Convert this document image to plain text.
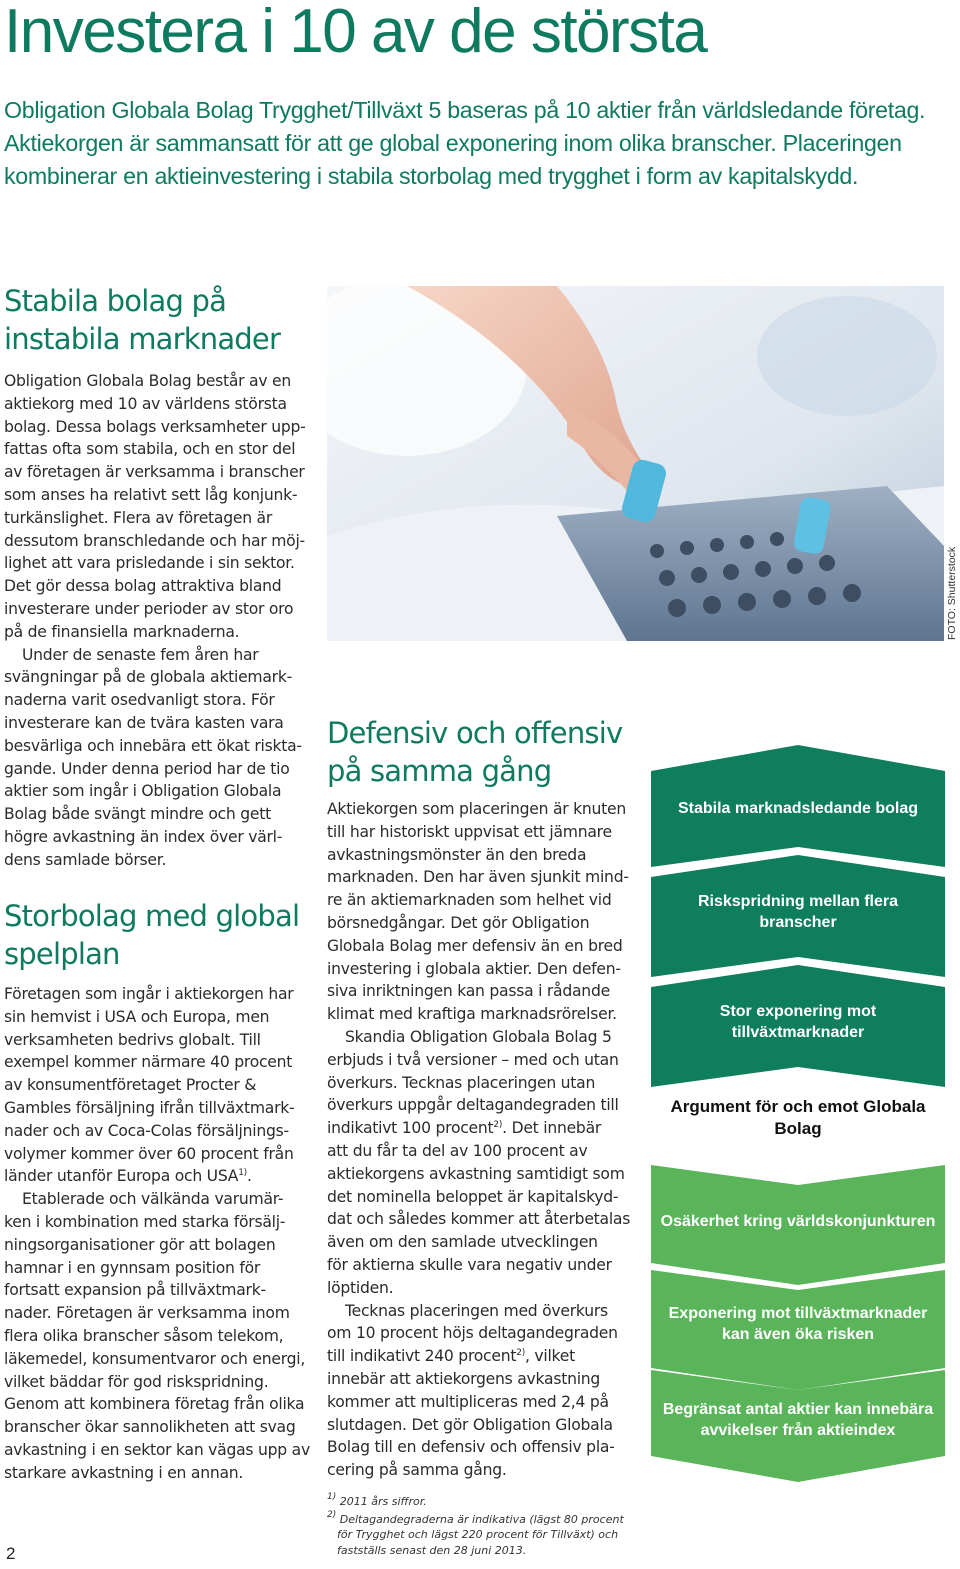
Investera i 10 av de största
Obligation Globala Bolag Trygghet/Tillväxt 5 baseras på 10 aktier från världsledande företag.
Aktiekorgen är sammansatt för att ge global exponering inom olika branscher. Placeringen
kombinerar en aktieinvestering i stabila storbolag med trygghet i form av kapitalskydd.
Stabila bolag på
instabila marknader
Obligation Globala Bolag består av en
aktiekorg med 10 av världens största
bolag. Dessa bolags verksamheter upp-
fattas ofta som stabila, och en stor del
av företagen är verksamma i branscher
som anses ha relativt sett låg konjunk-
turkänslighet. Flera av företagen är
dessutom branschledande och har möj-
lighet att vara prisledande i sin sektor.
Det gör dessa bolag attraktiva bland
investerare under perioder av stor oro
på de finansiella marknaderna.
Under de senaste fem åren har
svängningar på de globala aktiemark-
naderna varit osedvanligt stora. För
investerare kan de tvära kasten vara
besvärliga och innebära ett ökat riskta-
gande. Under denna period har de tio
aktier som ingår i Obligation Globala
Bolag både svängt mindre och gett
högre avkastning än index över värl-
dens samlade börser.
Storbolag med global
spelplan
Företagen som ingår i aktiekorgen har
sin hemvist i USA och Europa, men
verksamheten bedrivs globalt. Till
exempel kommer närmare 40 procent
av konsumentföretaget Procter &
Gambles försäljning ifrån tillväxtmark-
nader och av Coca-Colas försäljnings-
volymer kommer över 60 procent från
länder utanför Europa och USA$^{1)}$.
Etablerade och välkända varumär-
ken i kombination med starka försälj-
ningsorganisationer gör att bolagen
hamnar i en gynnsam position för
fortsatt expansion på tillväxtmark-
nader. Företagen är verksamma inom
flera olika branscher såsom telekom,
läkemedel, konsumentvaror och energi,
vilket bäddar för god riskspridning.
Genom att kombinera företag från olika
branscher ökar sannolikheten att svag
avkastning i en sektor kan vägas upp av
starkare avkastning i en annan.
FOTO: Shutterstock
Defensiv och offensiv
på samma gång
Aktiekorgen som placeringen är knuten
till har historiskt uppvisat ett jämnare
avkastningsmönster än den breda
marknaden. Den har även sjunkit mind-
re än aktiemarknaden som helhet vid
börsnedgångar. Det gör Obligation
Globala Bolag mer defensiv än en bred
investering i globala aktier. Den defen-
siva inriktningen kan passa i rådande
klimat med kraftiga marknadsrörelser.
Skandia Obligation Globala Bolag 5
erbjuds i två versioner – med och utan
överkurs. Tecknas placeringen utan
överkurs uppgår deltagandegraden till
indikativt 100 procent$^{2)}$. Det innebär
att du får ta del av 100 procent av
aktiekorgens avkastning samtidigt som
det nominella beloppet är kapitalskyd-
dat och således kommer att återbetalas
även om den samlade utvecklingen
för aktierna skulle vara negativ under
löptiden.
Tecknas placeringen med överkurs
om 10 procent höjs deltagandegraden
till indikativt 240 procent$^{2)}$, vilket
innebär att aktiekorgens avkastning
kommer att multipliceras med 2,4 på
slutdagen. Det gör Obligation Globala
Bolag till en defensiv och offensiv pla-
cering på samma gång.
Stabila marknadsledande bolag
Riskspridning mellan flera branscher
Stor exponering mot tillväxtmarknader
Argument för och emot Globala Bolag
Osäkerhet kring världskonjunkturen
Exponering mot tillväxtmarknader kan även öka risken
Begränsat antal aktier kan innebära avvikelser från aktieindex
$^{1)}$ 2011 års siffror.
$^{2)}$ Deltagandegraderna är indikativa (lägst 80 procent
för Trygghet och lägst 220 procent för Tillväxt) och
fastställs senast den 28 juni 2013.
2
